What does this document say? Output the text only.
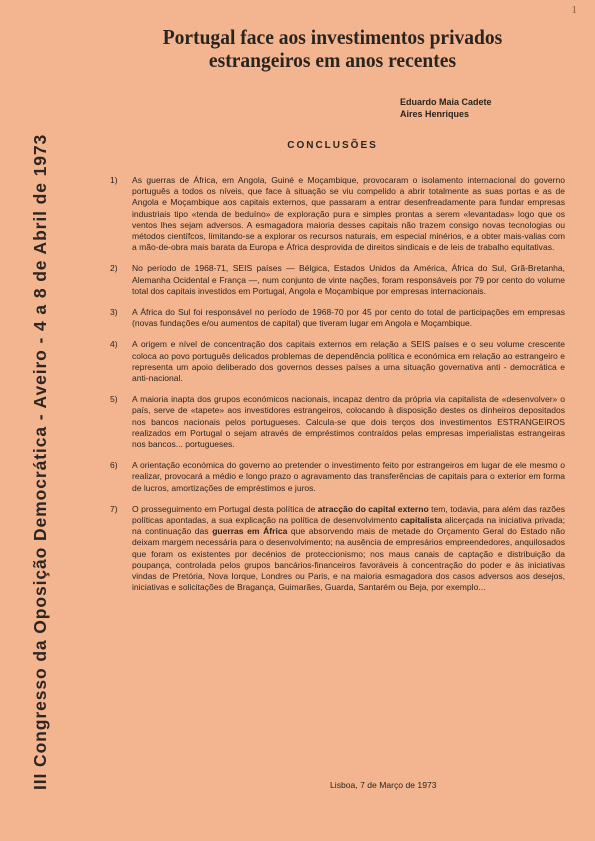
1
III Congresso da Oposição Democrática - Aveiro - 4 a 8 de Abril de 1973
Portugal face aos investimentos privados estrangeiros em anos recentes
Eduardo Maia Cadete
Aires Henriques
CONCLUSÕES
1) As guerras de África, em Angola, Guiné e Moçambique, provocaram o isolamento internacional do governo português a todos os níveis, que face à situação se viu compelido a abrir totalmente as suas portas e as de Angola e Moçambique aos capitais externos, que passaram a entrar desenfreadamente para fundar empresas industriais tipo «tenda de beduíno» de exploração pura e simples prontas a serem «levantadas» logo que os ventos lhes sejam adversos. A esmagadora maioria desses capitais não trazem consigo novas tecnologias ou métodos científcos, limitando-se a explorar os recursos naturais, em especial minérios, e a obter mais-valias com a mão-de-obra mais barata da Europa e África desprovida de direitos sindicais e de leis de trabalho equitativas.
2) No período de 1968-71, SEIS países — Bélgica, Estados Unidos da América, África do Sul, Grã-Bretanha, Alemanha Ocidental e França —, num conjunto de vinte nações, foram responsáveis por 79 por cento do volume total dos capitais investidos em Portugal, Angola e Moçambique por empresas internacionais.
3) A África do Sul foi responsável no período de 1968-70 por 45 por cento do total de participações em empresas (novas fundações e/ou aumentos de capital) que tiveram lugar em Angola e Moçambique.
4) A origem e nível de concentração dos capitais externos em relação a SEIS países e o seu volume crescente coloca ao povo português delicados problemas de dependência política e económica em relação ao estrangeiro e representa um apoio deliberado dos governos desses países a uma situação governativa anti - democrática e anti-nacional.
5) A maioria inapta dos grupos económicos nacionais, incapaz dentro da própria via capitalista de «desenvolver» o país, serve de «tapete» aos investidores estrangeiros, colocando à disposição destes os dinheiros depositados nos bancos nacionais pelos portugueses. Calcula-se que dois terços dos investimentos ESTRANGEIROS realizados em Portugal o sejam através de empréstimos contraídos pelas empresas imperialistas estrangeiras nos bancos... portugueses.
6) A orientação económica do governo ao pretender o investimento feito por estrangeiros em lugar de ele mesmo o realizar, provocará a médio e longo prazo o agravamento das transferências de capitais para o exterior em forma de lucros, amortizações de empréstimos e juros.
7) O prosseguimento em Portugal desta política de atracção do capital externo tem, todavia, para além das razões políticas apontadas, a sua explicação na política de desenvolvimento capitalista alicerçada na iniciativa privada; na continuação das guerras em África que absorvendo mais de metade do Orçamento Geral do Estado não deixam margem necessária para o desenvolvimento; na ausência de empresários empreendedores, anquilosados que foram os existentes por decénios de proteccionismo; nos maus canais de captação e distribuição da poupança, controlada pelos grupos bancários-financeiros favoráveis à concentração do poder e às iniciativas vindas de Pretória, Nova Iorque, Londres ou Paris, e na maioria esmagadora dos casos adversos aos desejos, iniciativas e solicitações de Bragança, Guimarães, Guarda, Santarém ou Beja, por exemplo...
Lisboa, 7 de Março de 1973
